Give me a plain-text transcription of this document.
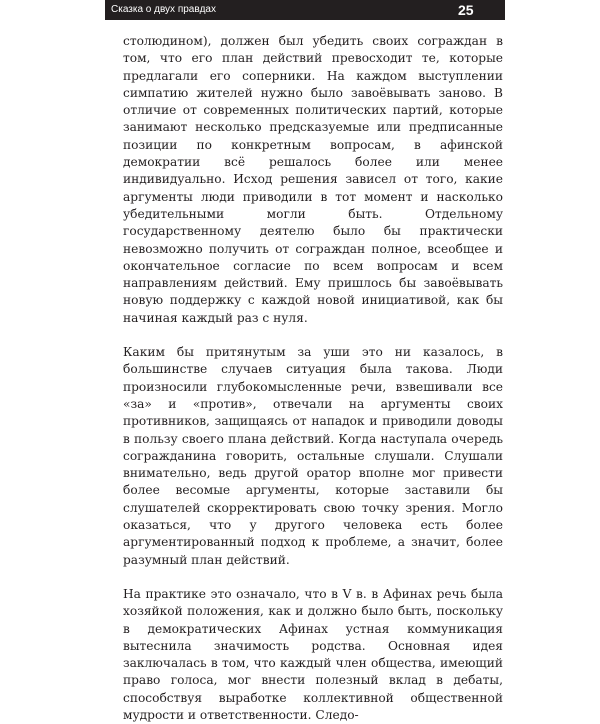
Сказка о двух правдах	25

столюдином), должен был убедить своих сограждан в том, что его план действий превосходит те, которые предлагали его соперники. На каждом выступлении симпатию жителей нужно было завоёвывать заново. В отличие от современных политических партий, которые занимают несколько предсказуемые или предписанные позиции по конкретным вопросам, в афинской демократии всё решалось более или менее индивидуально. Исход решения зависел от того, какие аргументы люди приводили в тот момент и насколько убедительными могли быть. Отдельному государственному деятелю было бы практически невозможно получить от сограждан полное, всеобщее и окончательное согласие по всем вопросам и всем направлениям действий. Ему пришлось бы завоёвывать новую поддержку с каждой новой инициативой, как бы начиная каждый раз с нуля.

Каким бы притянутым за уши это ни казалось, в большинстве случаев ситуация была такова. Люди произносили глубокомысленные речи, взвешивали все «за» и «против», отвечали на аргументы своих противников, защищаясь от нападок и приводили доводы в пользу своего плана действий. Когда наступала очередь согражданина говорить, остальные слушали. Слушали внимательно, ведь другой оратор вполне мог привести более весомые аргументы, которые заставили бы слушателей скорректировать свою точку зрения. Могло оказаться, что у другого человека есть более аргументированный подход к проблеме, а значит, более разумный план действий.

На практике это означало, что в V в. в Афинах речь была хозяйкой положения, как и должно было быть, поскольку в демократических Афинах устная коммуникация вытеснила значимость родства. Основная идея заключалась в том, что каждый член общества, имеющий право голоса, мог внести полезный вклад в дебаты, способствуя выработке коллективной общественной мудрости и ответственности. Следо-
